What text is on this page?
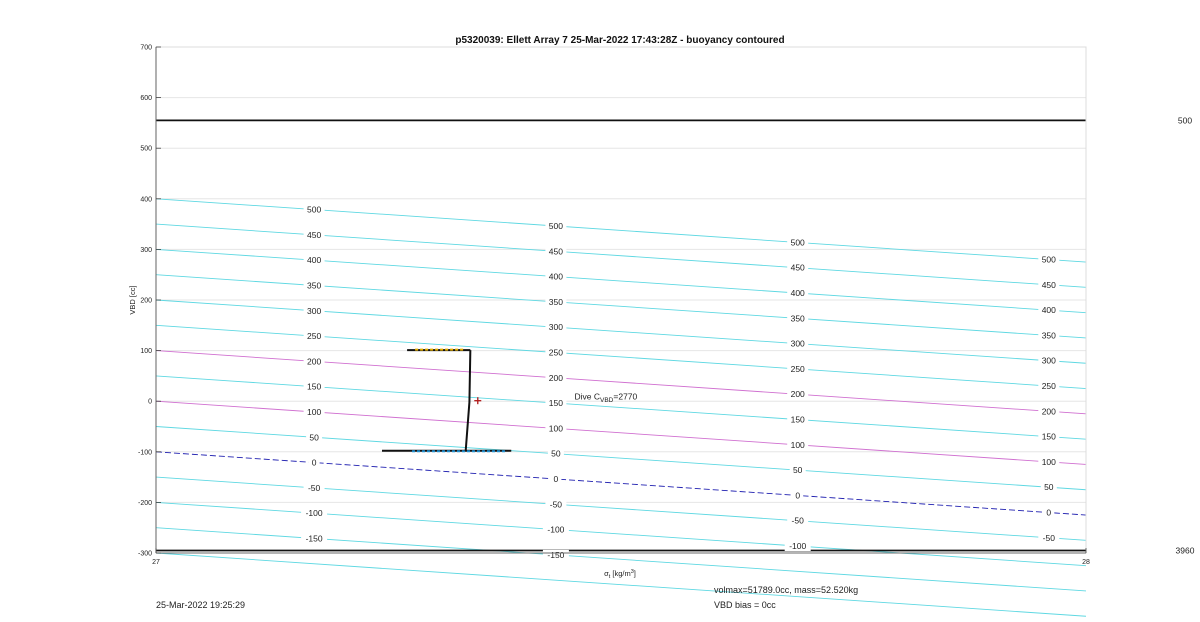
500
3960
-150
-150
-100
-100
-100
-50
-50
-50
-50
0
0
0
0
50
50
50
50
100
100
100
100
150
150
150
150
200
200
200
200
250
250
250
250
300
300
300
300
350
350
350
350
400
400
400
400
450
450
450
450
500
500
500
500
700
600
500
400
300
200
100
0
-100
-200
-300
27	28
p5320039: Ellett Array 7 25-Mar-2022 17:43:28Z - buoyancy contoured
VBD [cc]
$\sigma_t$ $[kg/m^3]$
Dive $C_{VBD}=2770$
25-Mar-2022 19:25:29
volmax=51789.0cc, mass=52.520kg
VBD bias = 0cc
